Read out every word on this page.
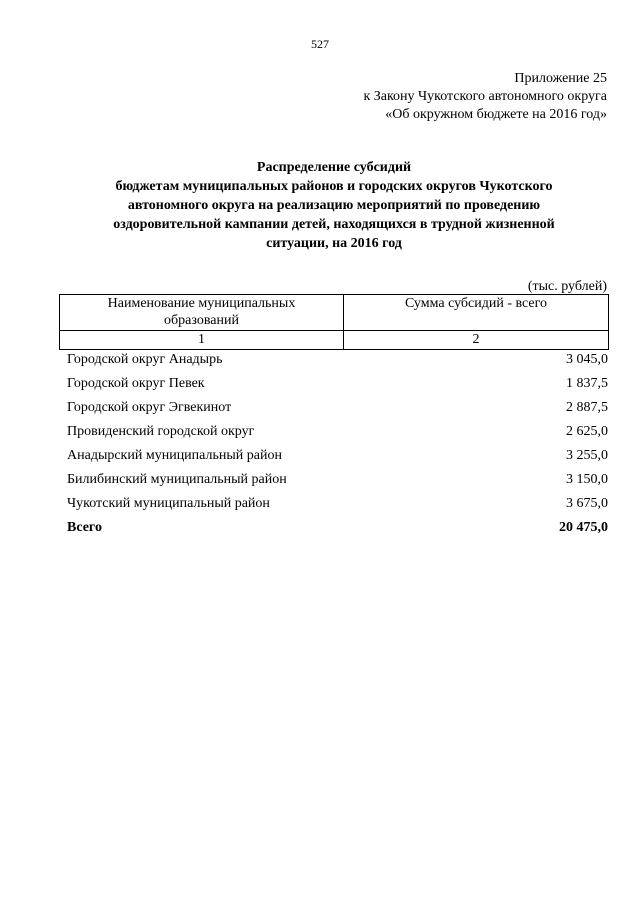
527
Приложение 25
к Закону Чукотского автономного округа
«Об окружном бюджете на 2016 год»
Распределение субсидий
бюджетам муниципальных районов и городских округов Чукотского
автономного округа на реализацию мероприятий по проведению
оздоровительной кампании детей, находящихся в трудной жизненной
ситуации, на 2016 год
(тыс. рублей)
Наименование муниципальных
образований	Сумма субсидий - всего
1	2
Городской округ Анадырь	3 045,0
Городской округ Певек	1 837,5
Городской округ Эгвекинот	2 887,5
Провиденский городской округ	2 625,0
Анадырский муниципальный район	3 255,0
Билибинский муниципальный район	3 150,0
Чукотский муниципальный район	3 675,0
Всего	20 475,0
